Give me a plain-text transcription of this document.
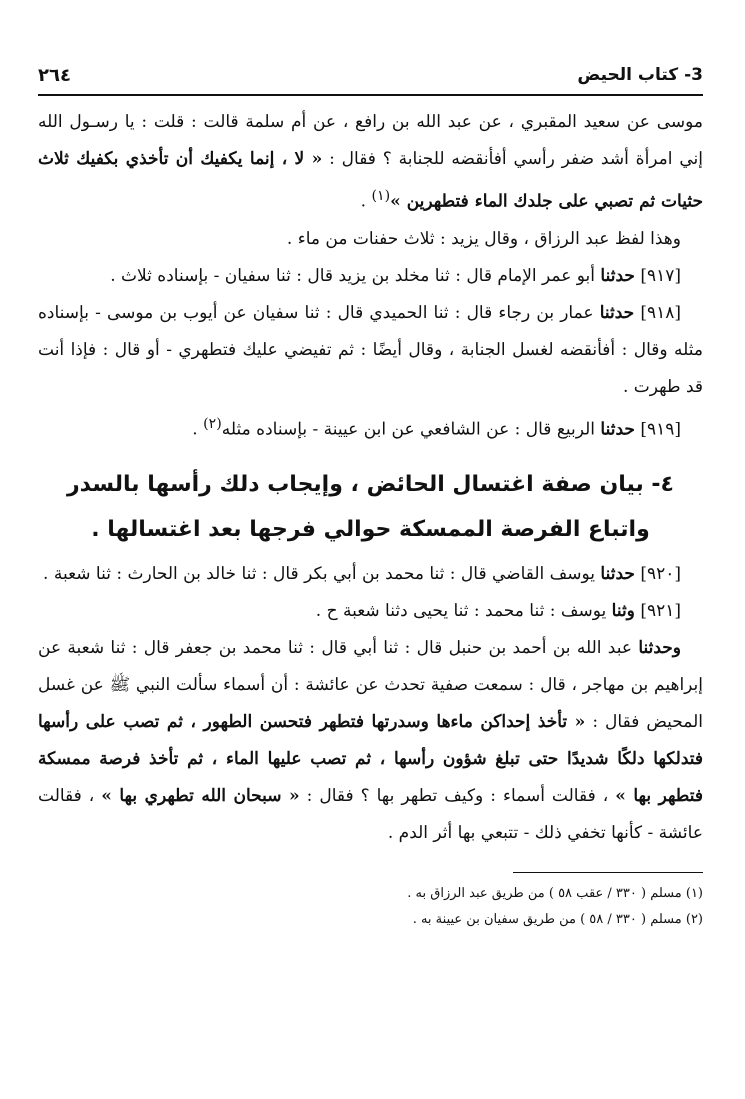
3- كتاب الحيض
٢٦٤

موسى عن سعيد المقبري ، عن عبد الله بن رافع ، عن أم سلمة قالت : قلت : يا رسـول الله إني امرأة أشد ضفر رأسي أفأنقضه للجنابة ؟ فقال : « لا ، إنما يكفيك أن تأخذي بكفيك ثلاث حثيات ثم تصبي على جلدك الماء فتطهرين »$^{(١)}$ .

وهذا لفظ عبد الرزاق ، وقال يزيد : ثلاث حفنات من ماء .

[٩١٧] حدثنا أبو عمر الإمام قال : ثنا مخلد بن يزيد قال : ثنا سفيان - بإسناده ثلاث .

[٩١٨] حدثنا عمار بن رجاء قال : ثنا الحميدي قال : ثنا سفيان عن أيوب بن موسى - بإسناده مثله وقال : أفأنقضه لغسل الجنابة ، وقال أيضًا : ثم تفيضي عليك فتطهري - أو قال : فإذا أنت قد طهرت .

[٩١٩] حدثنا الربيع قال : عن الشافعي عن ابن عيينة - بإسناده مثله$^{(٢)}$ .

٤- بيان صفة اغتسال الحائض ، وإيجاب دلك رأسها بالسدر
واتباع الفرصة الممسكة حوالي فرجها بعد اغتسالها .

[٩٢٠] حدثنا يوسف القاضي قال : ثنا محمد بن أبي بكر قال : ثنا خالد بن الحارث : ثنا شعبة .

[٩٢١] وثنا يوسف : ثنا محمد : ثنا يحيى دثنا شعبة ح .

وحدثنا عبد الله بن أحمد بن حنبل قال : ثنا أبي قال : ثنا محمد بن جعفر قال : ثنا شعبة عن إبراهيم بن مهاجر ، قال : سمعت صفية تحدث عن عائشة : أن أسماء سألت النبي ﷺ عن غسل المحيض فقال : « تأخذ إحداكن ماءها وسدرتها فتطهر فتحسن الطهور ، ثم تصب على رأسها فتدلكها دلكًا شديدًا حتى تبلغ شؤون رأسها ، ثم تصب عليها الماء ، ثم تأخذ فرصة ممسكة فتطهر بها » ، فقالت أسماء : وكيف تطهر بها ؟ فقال : « سبحان الله تطهري بها » ، فقالت عائشة - كأنها تخفي ذلك - تتبعي بها أثر الدم .

(١) مسلم ( ٣٣٠ / عقب ٥٨ ) من طريق عبد الرزاق به .
(٢) مسلم ( ٣٣٠ / ٥٨ ) من طريق سفيان بن عيينة به .
